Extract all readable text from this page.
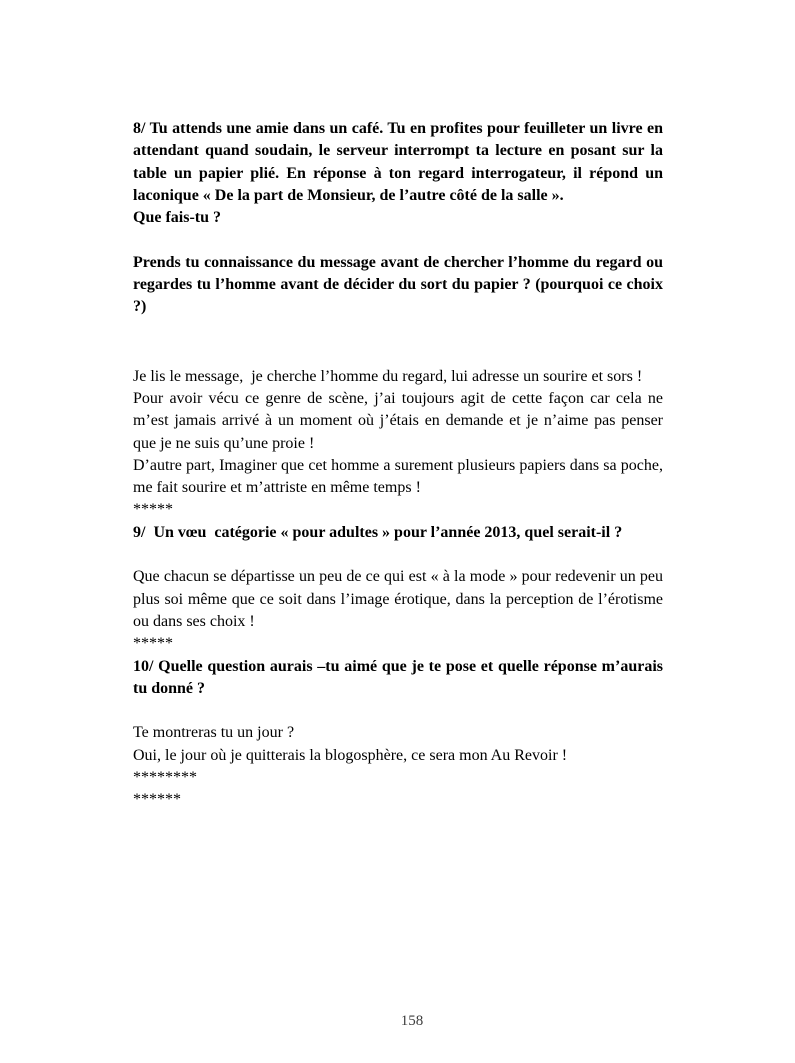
8/ Tu attends une amie dans un café. Tu en profites pour feuilleter un livre en attendant quand soudain, le serveur interrompt ta lecture en posant sur la table un papier plié. En réponse à ton regard interrogateur, il répond un laconique « De la part de Monsieur, de l’autre côté de la salle ».

Que fais-tu ?

Prends tu connaissance du message avant de chercher l’homme du regard ou regardes tu l’homme avant de décider du sort du papier ? (pourquoi ce choix ?)

Je lis le message,  je cherche l’homme du regard, lui adresse un sourire et sors !

Pour avoir vécu ce genre de scène, j’ai toujours agit de cette façon car cela ne m’est jamais arrivé à un moment où j’étais en demande et je n’aime pas penser que je ne suis qu’une proie !

D’autre part, Imaginer que cet homme a surement plusieurs papiers dans sa poche,  me fait sourire et m’attriste en même temps !

*****

9/  Un vœu  catégorie « pour adultes » pour l’année 2013, quel serait-il ?

Que chacun se départisse un peu de ce qui est « à la mode » pour redevenir un peu plus soi même que ce soit dans l’image érotique, dans la perception de l’érotisme ou dans ses choix !

*****

10/ Quelle question aurais –tu aimé que je te pose et quelle réponse m’aurais tu donné ?

Te montreras tu un jour ?

Oui, le jour où je quitterais la blogosphère, ce sera mon Au Revoir !

********

******

158
